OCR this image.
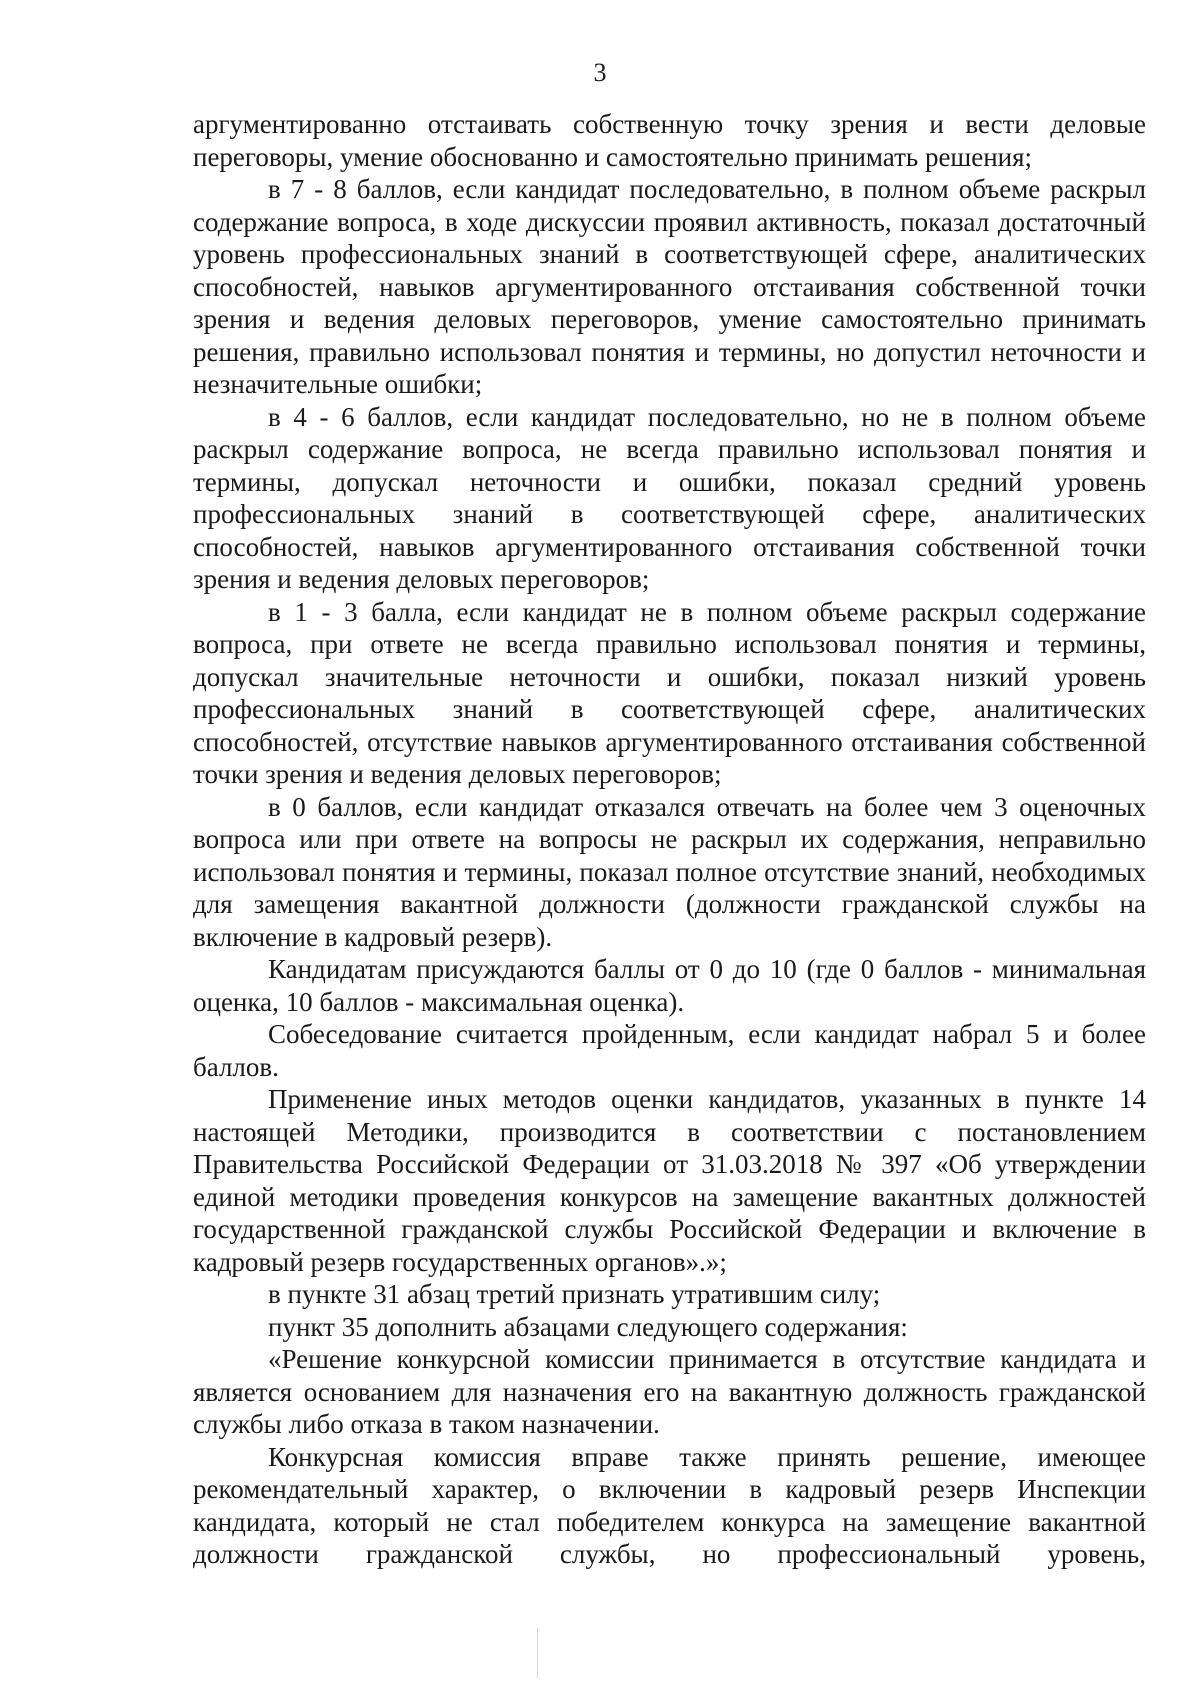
3

аргументированно отстаивать собственную точку зрения и вести деловые переговоры, умение обоснованно и самостоятельно принимать решения;

в 7 - 8 баллов, если кандидат последовательно, в полном объеме раскрыл содержание вопроса, в ходе дискуссии проявил активность, показал достаточный уровень профессиональных знаний в соответствующей сфере, аналитических способностей, навыков аргументированного отстаивания собственной точки зрения и ведения деловых переговоров, умение самостоятельно принимать решения, правильно использовал понятия и термины, но допустил неточности и незначительные ошибки;

в 4 - 6 баллов, если кандидат последовательно, но не в полном объеме раскрыл содержание вопроса, не всегда правильно использовал понятия и термины, допускал неточности и ошибки, показал средний уровень профессиональных знаний в соответствующей сфере, аналитических способностей, навыков аргументированного отстаивания собственной точки зрения и ведения деловых переговоров;

в 1 - 3 балла, если кандидат не в полном объеме раскрыл содержание вопроса, при ответе не всегда правильно использовал понятия и термины, допускал значительные неточности и ошибки, показал низкий уровень профессиональных знаний в соответствующей сфере, аналитических способностей, отсутствие навыков аргументированного отстаивания собственной точки зрения и ведения деловых переговоров;

в 0 баллов, если кандидат отказался отвечать на более чем 3 оценочных вопроса или при ответе на вопросы не раскрыл их содержания, неправильно использовал понятия и термины, показал полное отсутствие знаний, необходимых для замещения вакантной должности (должности гражданской службы на включение в кадровый резерв).

Кандидатам присуждаются баллы от 0 до 10 (где 0 баллов - минимальная оценка, 10 баллов - максимальная оценка).

Собеседование считается пройденным, если кандидат набрал 5 и более баллов.

Применение иных методов оценки кандидатов, указанных в пункте 14 настоящей Методики, производится в соответствии с постановлением Правительства Российской Федерации от 31.03.2018 № 397 «Об утверждении единой методики проведения конкурсов на замещение вакантных должностей государственной гражданской службы Российской Федерации и включение в кадровый резерв государственных органов».»;

в пункте 31 абзац третий признать утратившим силу;

пункт 35 дополнить абзацами следующего содержания:

«Решение конкурсной комиссии принимается в отсутствие кандидата и является основанием для назначения его на вакантную должность гражданской службы либо отказа в таком назначении.

Конкурсная комиссия вправе также принять решение, имеющее рекомендательный характер, о включении в кадровый резерв Инспекции кандидата, который не стал победителем конкурса на замещение вакантной должности гражданской службы, но профессиональный уровень,
